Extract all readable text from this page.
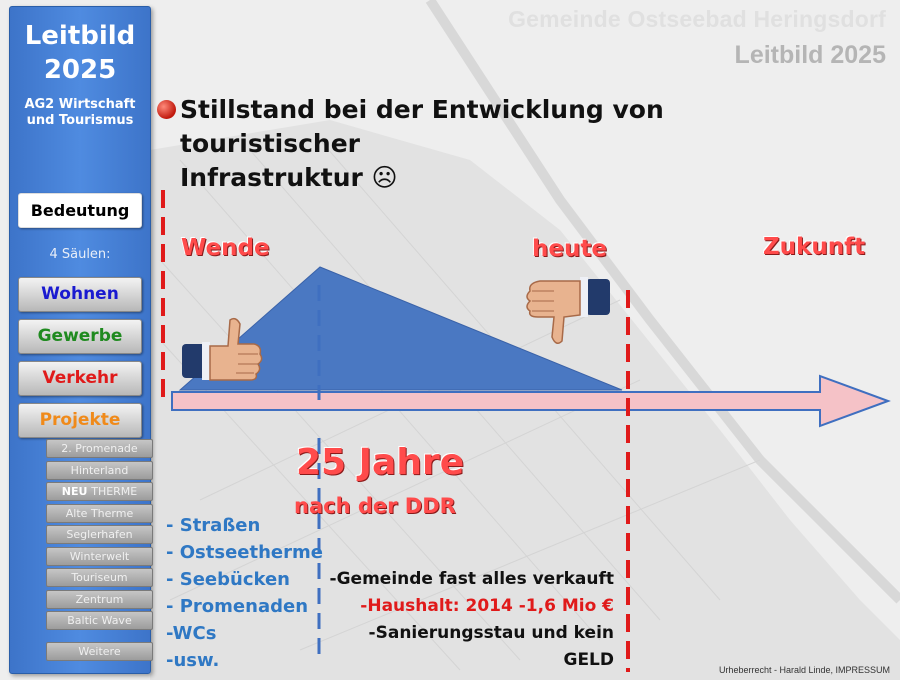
Leitbild
2025
AG2 Wirtschaft
und Tourismus
Bedeutung
4 Säulen:
Wohnen
Gewerbe
Verkehr
Projekte
2. Promenade
Hinterland
NEU THERME
Alte Therme
Seglerhafen
Winterwelt
Touriseum
Zentrum
Baltic Wave
Weitere
Gemeinde Ostseebad Heringsdorf
Leitbild 2025
Stillstand bei der Entwicklung von touristischer
Infrastruktur ☹
Wende	heute	Zukunft
25 Jahre
nach der DDR
- Straßen
- Ostseetherme
- Seebücken
- Promenaden
-WCs
-usw.
-Gemeinde fast alles verkauft
-Haushalt: 2014 -1,6 Mio €
-Sanierungsstau und kein GELD	Urheberrecht - Harald Linde, IMPRESSUM
